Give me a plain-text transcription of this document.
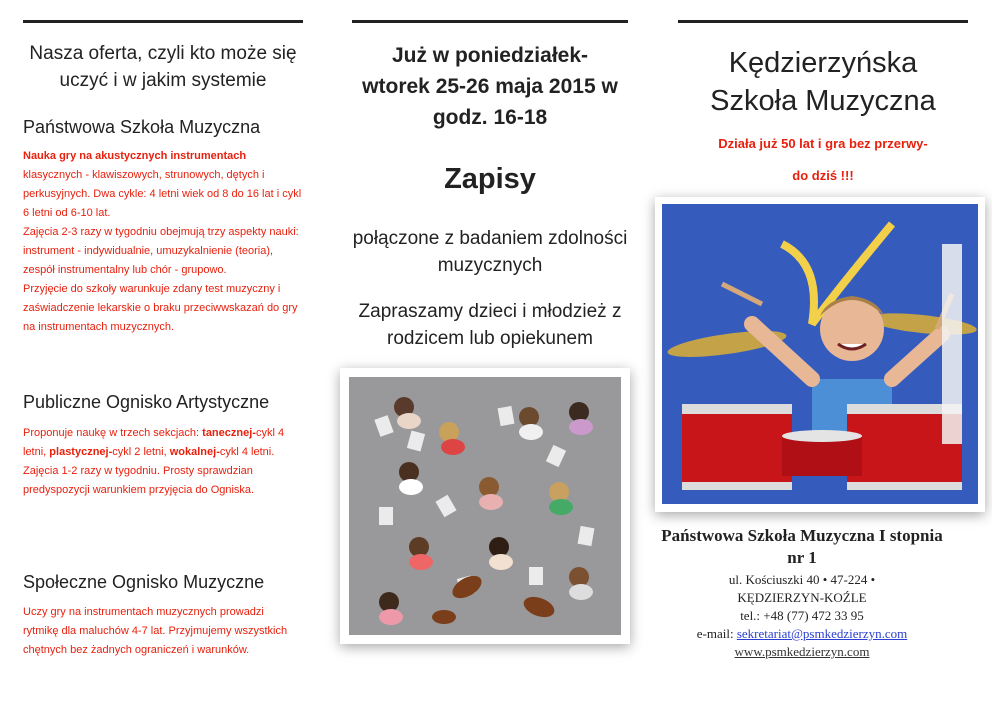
Nasza oferta, czyli kto może się uczyć i w jakim systemie
Państwowa Szkoła Muzyczna
Nauka gry na akustycznych instrumentach
klasycznych - klawiszowych, strunowych, dętych i perkusyjnych. Dwa cykle: 4 letni wiek od 8 do 16 lat i cykl 6 letni od 6-10 lat.
Zajęcia 2-3 razy w tygodniu obejmują trzy aspekty nauki: instrument - indywidualnie, umuzykalnienie (teoria), zespół instrumentalny lub chór - grupowo.
Przyjęcie do szkoły warunkuje zdany test muzyczny i zaświadczenie lekarskie o braku przeciwwskazań do gry na instrumentach muzycznych.
Publiczne Ognisko Artystyczne
Proponuje naukę w trzech sekcjach: tanecznej-cykl 4 letni, plastycznej-cykl 2 letni, wokalnej-cykl 4 letni. Zajęcia 1-2 razy w tygodniu. Prosty sprawdzian predyspozycji warunkiem przyjęcia do Ogniska.
Społeczne Ognisko Muzyczne
Uczy gry na instrumentach muzycznych prowadzi rytmikę dla maluchów 4-7 lat. Przyjmujemy wszystkich chętnych bez żadnych ograniczeń i warunków.
Już w poniedziałek-wtorek 25-26 maja 2015 w godz. 16-18
Zapisy
połączone z badaniem zdolności muzycznych
Zapraszamy dzieci i młodzież z rodzicem lub opiekunem
Kędzierzyńska Szkoła Muzyczna
Działa już 50 lat i gra bez przerwy-
do dziś !!!
Państwowa Szkoła Muzyczna I stopnia nr 1
ul. Kościuszki 40 • 47-224 •
KĘDZIERZYN-KOŹLE
tel.: +48 (77) 472 33 95
e-mail: sekretariat@psmkedzierzyn.com
www.psmkedzierzyn.com
